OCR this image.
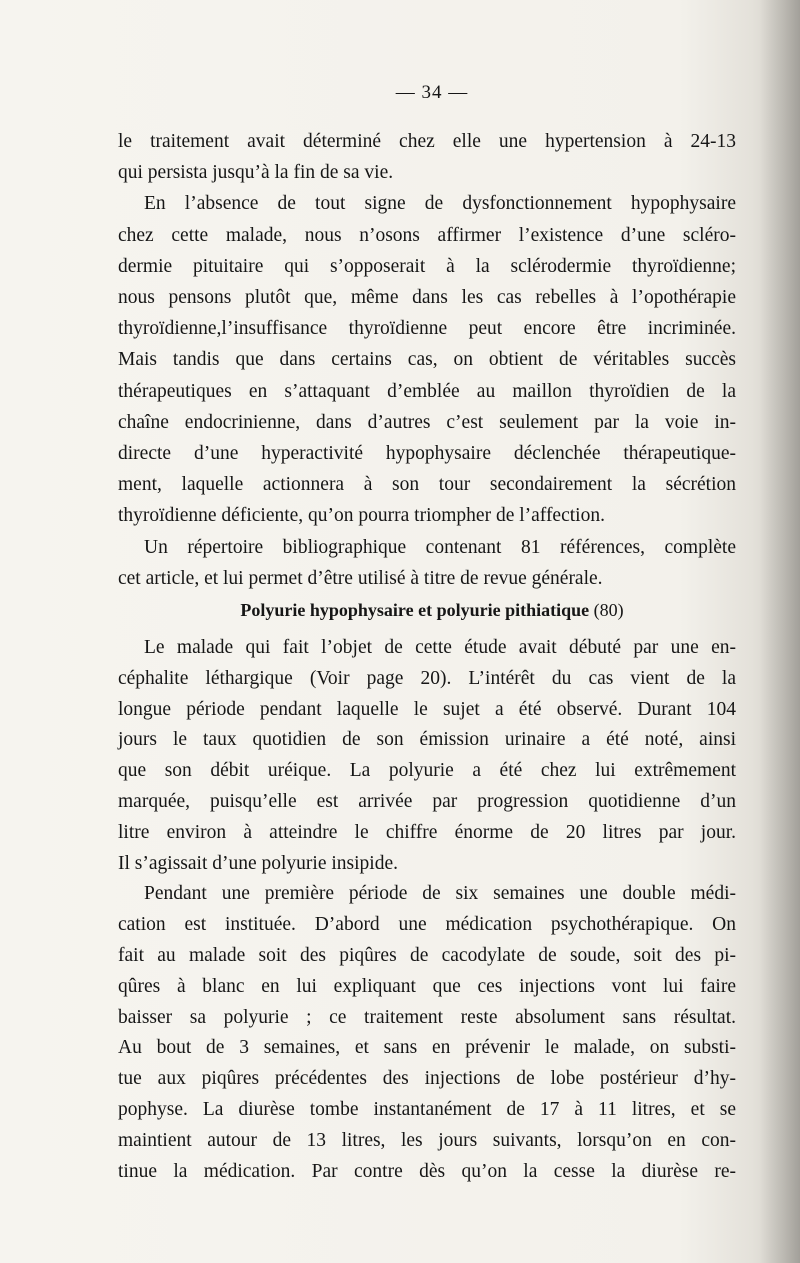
— 34 —
le traitement avait déterminé chez elle une hypertension à 24-13
qui persista jusqu’à la fin de sa vie.
En l’absence de tout signe de dysfonctionnement hypophysaire
chez cette malade, nous n’osons affirmer l’existence d’une scléro-
dermie pituitaire qui s’opposerait à la sclérodermie thyroïdienne;
nous pensons plutôt que, même dans les cas rebelles à l’opothérapie
thyroïdienne,l’insuffisance thyroïdienne peut encore être incriminée.
Mais tandis que dans certains cas, on obtient de véritables succès
thérapeutiques en s’attaquant d’emblée au maillon thyroïdien de la
chaîne endocrinienne, dans d’autres c’est seulement par la voie in-
directe d’une hyperactivité hypophysaire déclenchée thérapeutique-
ment, laquelle actionnera à son tour secondairement la sécrétion
thyroïdienne déficiente, qu’on pourra triompher de l’affection.
Un répertoire bibliographique contenant 81 références, complète
cet article, et lui permet d’être utilisé à titre de revue générale.
Polyurie hypophysaire et polyurie pithiatique (80)
Le malade qui fait l’objet de cette étude avait débuté par une en-
céphalite léthargique (Voir page 20). L’intérêt du cas vient de la
longue période pendant laquelle le sujet a été observé. Durant 104
jours le taux quotidien de son émission urinaire a été noté, ainsi
que son débit uréique. La polyurie a été chez lui extrêmement
marquée, puisqu’elle est arrivée par progression quotidienne d’un
litre environ à atteindre le chiffre énorme de 20 litres par jour.
Il s’agissait d’une polyurie insipide.
Pendant une première période de six semaines une double médi-
cation est instituée. D’abord une médication psychothérapique. On
fait au malade soit des piqûres de cacodylate de soude, soit des pi-
qûres à blanc en lui expliquant que ces injections vont lui faire
baisser sa polyurie ; ce traitement reste absolument sans résultat.
Au bout de 3 semaines, et sans en prévenir le malade, on substi-
tue aux piqûres précédentes des injections de lobe postérieur d’hy-
pophyse. La diurèse tombe instantanément de 17 à 11 litres, et se
maintient autour de 13 litres, les jours suivants, lorsqu’on en con-
tinue la médication. Par contre dès qu’on la cesse la diurèse re-
